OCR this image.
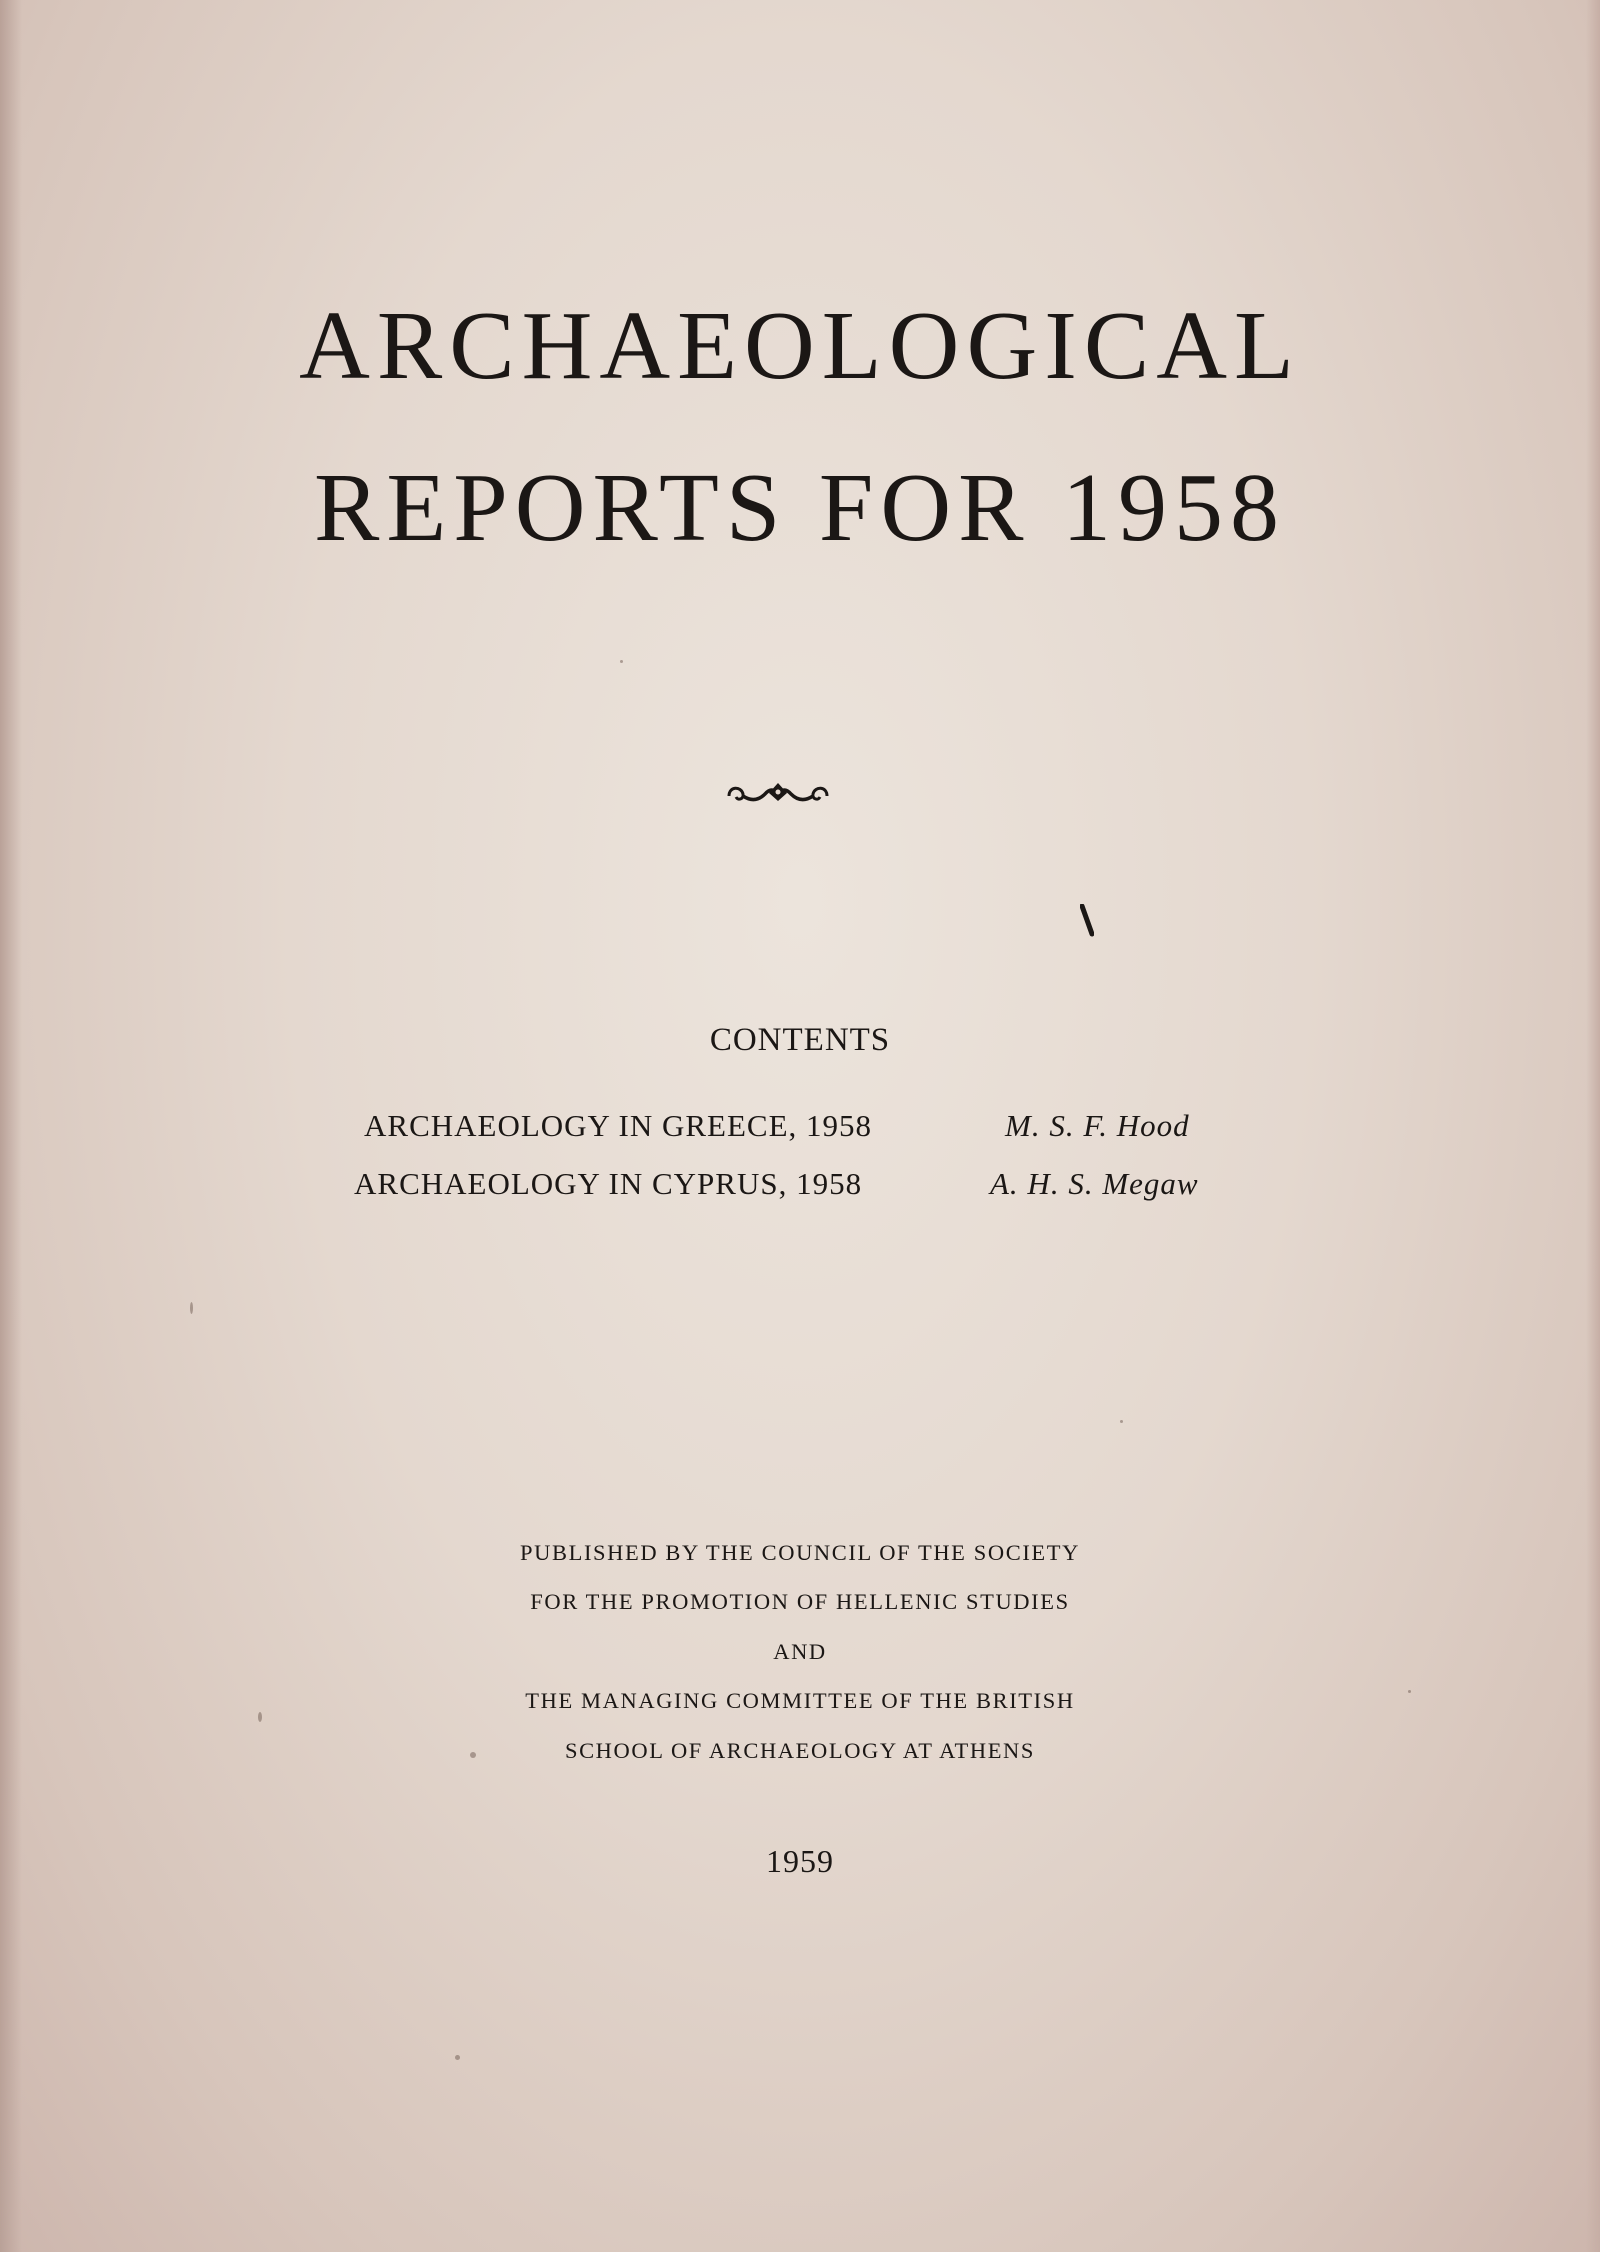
ARCHAEOLOGICAL
REPORTS FOR 1958
CONTENTS
ARCHAEOLOGY IN GREECE, 1958	M. S. F. Hood
ARCHAEOLOGY IN CYPRUS, 1958	A. H. S. Megaw
PUBLISHED BY THE COUNCIL OF THE SOCIETY
FOR THE PROMOTION OF HELLENIC STUDIES
AND
THE MANAGING COMMITTEE OF THE BRITISH
SCHOOL OF ARCHAEOLOGY AT ATHENS
1959
